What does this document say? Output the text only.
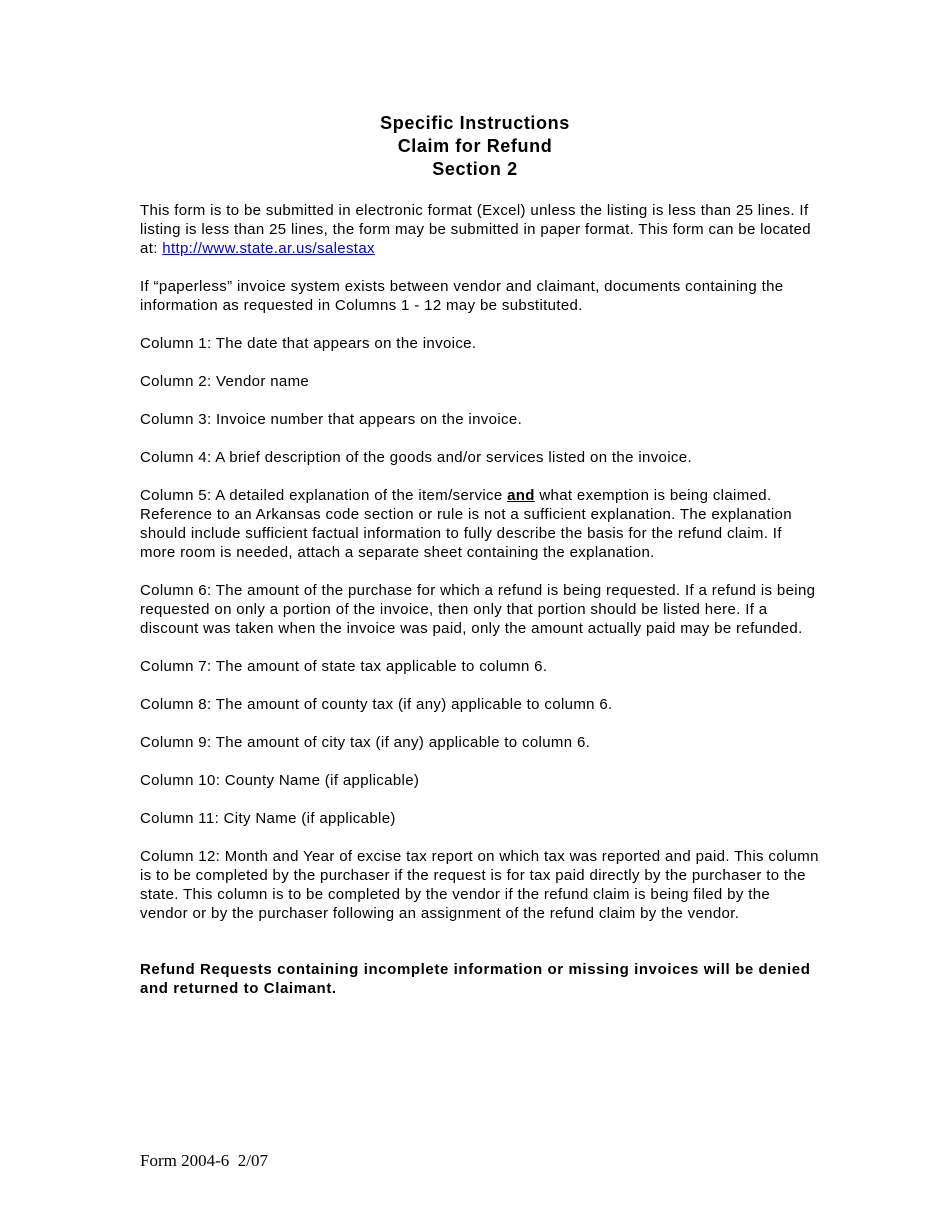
Specific Instructions
Claim for Refund
Section 2

This form is to be submitted in electronic format (Excel) unless the listing is less than 25 lines. If listing is less than 25 lines, the form may be submitted in paper format. This form can be located at: http://www.state.ar.us/salestax

If “paperless” invoice system exists between vendor and claimant, documents containing the information as requested in Columns 1 - 12 may be substituted.

Column 1: The date that appears on the invoice.

Column 2: Vendor name

Column 3: Invoice number that appears on the invoice.

Column 4: A brief description of the goods and/or services listed on the invoice.

Column 5: A detailed explanation of the item/service and what exemption is being claimed. Reference to an Arkansas code section or rule is not a sufficient explanation. The explanation should include sufficient factual information to fully describe the basis for the refund claim. If more room is needed, attach a separate sheet containing the explanation.

Column 6: The amount of the purchase for which a refund is being requested. If a refund is being requested on only a portion of the invoice, then only that portion should be listed here. If a discount was taken when the invoice was paid, only the amount actually paid may be refunded.

Column 7: The amount of state tax applicable to column 6.

Column 8: The amount of county tax (if any) applicable to column 6.

Column 9: The amount of city tax (if any) applicable to column 6.

Column 10: County Name (if applicable)

Column 11: City Name (if applicable)

Column 12: Month and Year of excise tax report on which tax was reported and paid. This column is to be completed by the purchaser if the request is for tax paid directly by the purchaser to the state. This column is to be completed by the vendor if the refund claim is being filed by the vendor or by the purchaser following an assignment of the refund claim by the vendor.

Refund Requests containing incomplete information or missing invoices will be denied and returned to Claimant.

Form 2004-6  2/07
